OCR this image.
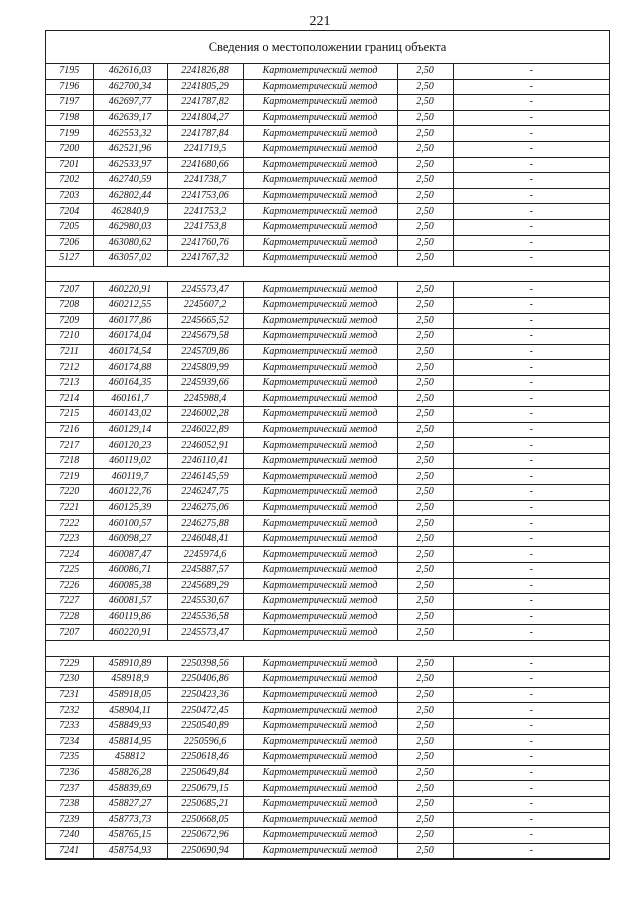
221
Сведения о местоположении границ объекта
7195	462616,03	2241826,88	Картометрический метод	2,50	-
7196	462700,34	2241805,29	Картометрический метод	2,50	-
7197	462697,77	2241787,82	Картометрический метод	2,50	-
7198	462639,17	2241804,27	Картометрический метод	2,50	-
7199	462553,32	2241787,84	Картометрический метод	2,50	-
7200	462521,96	2241719,5	Картометрический метод	2,50	-
7201	462533,97	2241680,66	Картометрический метод	2,50	-
7202	462740,59	2241738,7	Картометрический метод	2,50	-
7203	462802,44	2241753,06	Картометрический метод	2,50	-
7204	462840,9	2241753,2	Картометрический метод	2,50	-
7205	462980,03	2241753,8	Картометрический метод	2,50	-
7206	463080,62	2241760,76	Картометрический метод	2,50	-
5127	463057,02	2241767,32	Картометрический метод	2,50	-

7207	460220,91	2245573,47	Картометрический метод	2,50	-
7208	460212,55	2245607,2	Картометрический метод	2,50	-
7209	460177,86	2245665,52	Картометрический метод	2,50	-
7210	460174,04	2245679,58	Картометрический метод	2,50	-
7211	460174,54	2245709,86	Картометрический метод	2,50	-
7212	460174,88	2245809,99	Картометрический метод	2,50	-
7213	460164,35	2245939,66	Картометрический метод	2,50	-
7214	460161,7	2245988,4	Картометрический метод	2,50	-
7215	460143,02	2246002,28	Картометрический метод	2,50	-
7216	460129,14	2246022,89	Картометрический метод	2,50	-
7217	460120,23	2246052,91	Картометрический метод	2,50	-
7218	460119,02	2246110,41	Картометрический метод	2,50	-
7219	460119,7	2246145,59	Картометрический метод	2,50	-
7220	460122,76	2246247,75	Картометрический метод	2,50	-
7221	460125,39	2246275,06	Картометрический метод	2,50	-
7222	460100,57	2246275,88	Картометрический метод	2,50	-
7223	460098,27	2246048,41	Картометрический метод	2,50	-
7224	460087,47	2245974,6	Картометрический метод	2,50	-
7225	460086,71	2245887,57	Картометрический метод	2,50	-
7226	460085,38	2245689,29	Картометрический метод	2,50	-
7227	460081,57	2245530,67	Картометрический метод	2,50	-
7228	460119,86	2245536,58	Картометрический метод	2,50	-
7207	460220,91	2245573,47	Картометрический метод	2,50	-

7229	458910,89	2250398,56	Картометрический метод	2,50	-
7230	458918,9	2250406,86	Картометрический метод	2,50	-
7231	458918,05	2250423,36	Картометрический метод	2,50	-
7232	458904,11	2250472,45	Картометрический метод	2,50	-
7233	458849,93	2250540,89	Картометрический метод	2,50	-
7234	458814,95	2250596,6	Картометрический метод	2,50	-
7235	458812	2250618,46	Картометрический метод	2,50	-
7236	458826,28	2250649,84	Картометрический метод	2,50	-
7237	458839,69	2250679,15	Картометрический метод	2,50	-
7238	458827,27	2250685,21	Картометрический метод	2,50	-
7239	458773,73	2250668,05	Картометрический метод	2,50	-
7240	458765,15	2250672,96	Картометрический метод	2,50	-
7241	458754,93	2250690,94	Картометрический метод	2,50	-
